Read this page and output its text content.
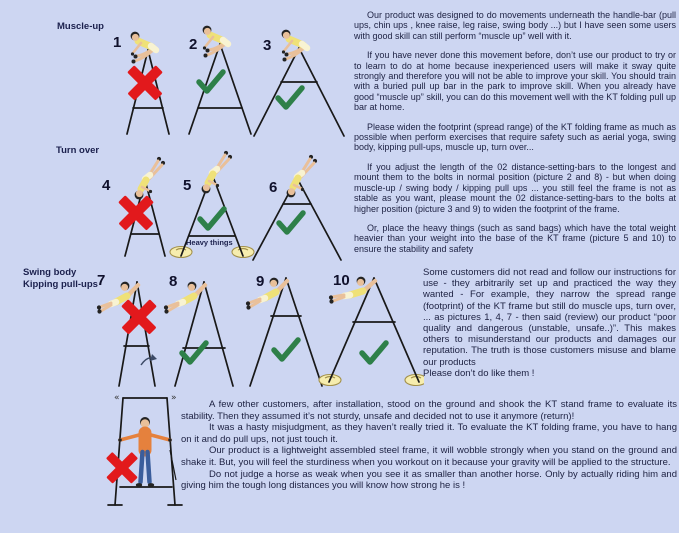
Muscle-up
Turn over
Swing body
Kipping pull-ups
Heavy things
1	2	3
4	5	6
7	8	9	10
«	»

Our product was designed to do movements underneath the handle-bar (pull ups, chin ups , knee raise, leg raise, swing body ...) but I have seen some users with good skill can still perform “muscle up” well with it.

If you have never done this movement before, don’t use our product to try or to learn to do at home because inexperienced users will make it sway quite strongly and therefore you will not be able to improve your skill. You should train with a buried pull up bar in the park to improve skill. When you already have good “muscle up” skill, you can do this movement well with the KT folding pull up bar at home.

Please widen the footprint (spread range) of the KT folding frame as much as possible when perform exercises that require safety such as aerial yoga, swing body, kipping pull-ups, muscle up, turn over...

If you adjust the length of the 02 distance-setting-bars to the longest and mount them to the bolts in normal position (picture 2 and 8) - but when doing muscle-up / swing body / kipping pull ups ... you still feel the frame is not as stable as you want, please mount the 02 distance-setting-bars to the bolts at higher position (picture 3 and 9) to widen the footprint of the frame.

Or, place the heavy things (such as sand bags) which have the total weight heavier than your weight into the base of the KT frame (picture 5 and 10) to ensure the stability and safety

Some customers did not read and follow our instructions for use - they arbitrarily set up and practiced the way they wanted - For example, they narrow the spread range (footprint) of the KT frame but still do muscle ups, turn over, ... as pictures 1, 4, 7 - then said (review) our product “poor quality and dangerous (unstable, unsafe..)”. This makes others to misunderstand our products and damages our reputation. The truth is those customers misuse and blame our products

Please don’t do like them !

A few other customers, after installation, stood on the ground and shook the KT stand frame to evaluate its stability. Then they assumed it’s not sturdy, unsafe and decided not to use it anymore (return)!

It was a hasty misjudgment, as they haven’t really tried it. To evaluate the KT folding frame, you have to hang on it and do pull ups, not just touch it.

Our product is a lightweight assembled steel frame, it will wobble strongly when you stand on the ground and shake it. But, you will feel the sturdiness when you workout on it because your gravity will be applied to the structure.

Do not judge a horse as weak when you see it as smaller than another horse. Only by actually riding him and giving him the tough long distances you will know how strong he is !
